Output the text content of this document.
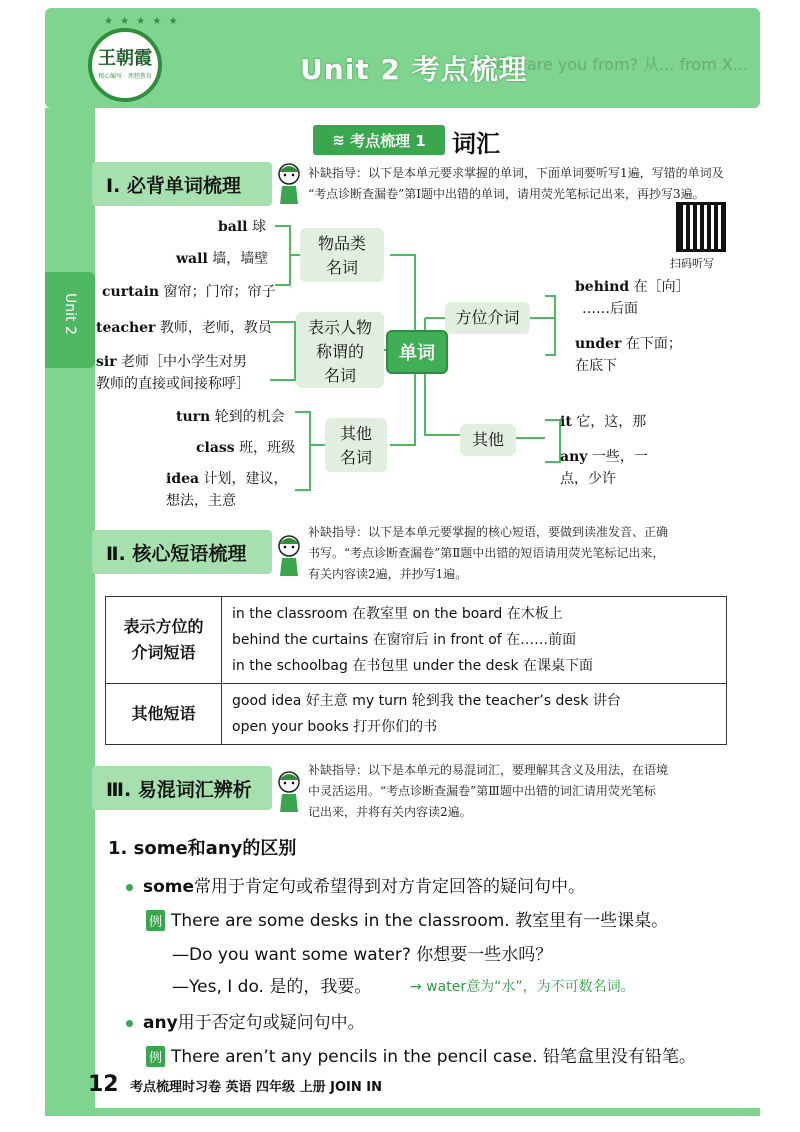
Where are you from? 从... from X...
★ ★ ★ ★ ★
王朝霞
精心编写 · 理想教育	Unit 2 考点梳理
Unit 2
≋ 考点梳理 1 词汇
Ⅰ. 必背单词梳理
补缺指导：以下是本单元要求掌握的单词，下面单词要听写1遍，写错的单词及
“考点诊断查漏卷”第Ⅰ题中出错的单词，请用荧光笔标记出来，再抄写3遍。
扫码听写
单词
物品类
名词
表示人物
称谓的
名词
其他
名词
方位介词
其他
ball 球
wall 墙，墙壁
curtain 窗帘；门帘；帘子
teacher 教师，老师，教员
sir 老师［中小学生对男
教师的直接或间接称呼］
turn 轮到的机会
class 班，班级
idea 计划，建议，
想法，主意
behind 在［向］
……后面
under 在下面；
在底下
it 它，这，那
any 一些，一
点，少许
Ⅱ. 核心短语梳理
补缺指导：以下是本单元要掌握的核心短语，要做到读准发音、正确
书写。“考点诊断查漏卷”第Ⅱ题中出错的短语请用荧光笔标记出来，
有关内容读2遍，并抄写1遍。
表示方位的介词短语	in the classroom 在教室里 on the board 在木板上
behind the curtains 在窗帘后 in front of 在……前面
in the schoolbag 在书包里 under the desk 在课桌下面

其他短语	good idea 好主意 my turn 轮到我 the teacher’s desk 讲台
open your books 打开你们的书
Ⅲ. 易混词汇辨析
补缺指导：以下是本单元的易混词汇，要理解其含义及用法，在语境
中灵活运用。“考点诊断查漏卷”第Ⅲ题中出错的词汇请用荧光笔标
记出来，并将有关内容读2遍。
1. some和any的区别
some常用于肯定句或希望得到对方肯定回答的疑问句中。
例 There are some desks in the classroom. 教室里有一些课桌。
—Do you want some water? 你想要一些水吗？
—Yes, I do. 是的，我要。	→ water意为“水”，为不可数名词。
any用于否定句或疑问句中。
例 There aren’t any pencils in the pencil case. 铅笔盒里没有铅笔。
12 考点梳理时习卷 英语 四年级 上册 JOIN IN
